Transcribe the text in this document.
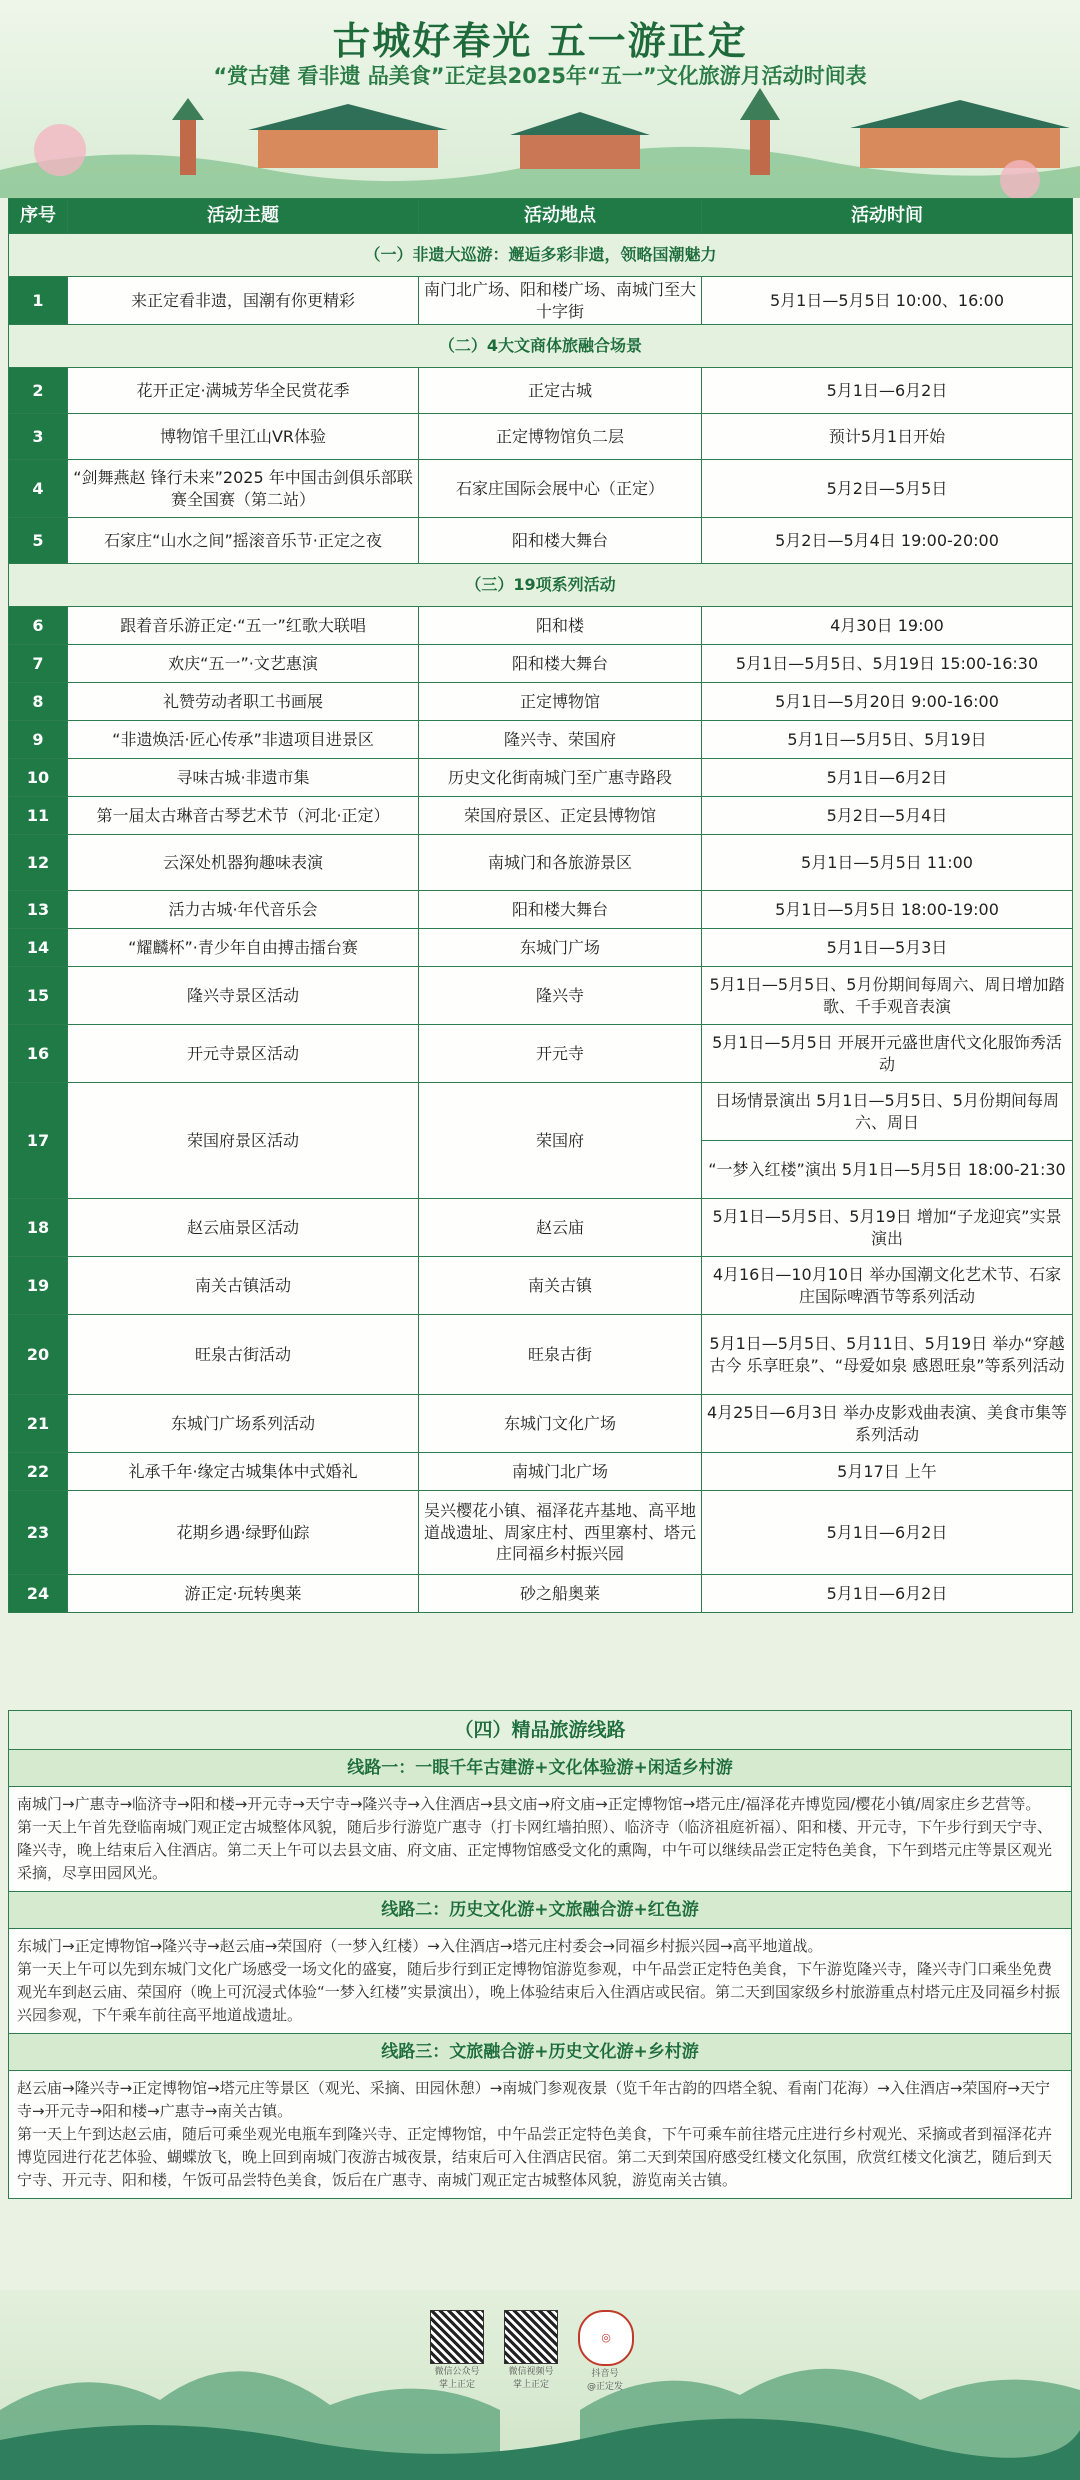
古城好春光 五一游正定
“赏古建 看非遗 品美食”正定县2025年“五一”文化旅游月活动时间表
序号	活动主题	活动地点	活动时间
（一）非遗大巡游：邂逅多彩非遗，领略国潮魅力			
1	来正定看非遗，国潮有你更精彩	南门北广场、阳和楼广场、南城门至大十字街	5月1日—5月5日 10:00、16:00
（二）4大文商体旅融合场景			
2	花开正定·满城芳华全民赏花季	正定古城	5月1日—6月2日
3	博物馆千里江山VR体验	正定博物馆负二层	预计5月1日开始
4	“剑舞燕赵 锋行未来”2025 年中国击剑俱乐部联赛全国赛（第二站）	石家庄国际会展中心（正定）	5月2日—5月5日
5	石家庄“山水之间”摇滚音乐节·正定之夜	阳和楼大舞台	5月2日—5月4日 19:00-20:00
（三）19项系列活动			
6	跟着音乐游正定·“五一”红歌大联唱	阳和楼	4月30日 19:00
7	欢庆“五一”·文艺惠演	阳和楼大舞台	5月1日—5月5日、5月19日 15:00-16:30
8	礼赞劳动者职工书画展	正定博物馆	5月1日—5月20日 9:00-16:00
9	“非遗焕活·匠心传承”非遗项目进景区	隆兴寺、荣国府	5月1日—5月5日、5月19日
10	寻味古城·非遗市集	历史文化街南城门至广惠寺路段	5月1日—6月2日
11	第一届太古琳音古琴艺术节（河北·正定）	荣国府景区、正定县博物馆	5月2日—5月4日
12	云深处机器狗趣味表演	南城门和各旅游景区	5月1日—5月5日 11:00
13	活力古城·年代音乐会	阳和楼大舞台	5月1日—5月5日 18:00-19:00
14	“耀麟杯”·青少年自由搏击擂台赛	东城门广场	5月1日—5月3日
15	隆兴寺景区活动	隆兴寺	5月1日—5月5日、5月份期间每周六、周日增加踏歌、千手观音表演
16	开元寺景区活动	开元寺	5月1日—5月5日 开展开元盛世唐代文化服饰秀活动
17	荣国府景区活动	荣国府	日场情景演出 5月1日—5月5日、5月份期间每周六、周日
			“一梦入红楼”演出 5月1日—5月5日 18:00-21:30
18	赵云庙景区活动	赵云庙	5月1日—5月5日、5月19日 增加“子龙迎宾”实景演出
19	南关古镇活动	南关古镇	4月16日—10月10日 举办国潮文化艺术节、石家庄国际啤酒节等系列活动
20	旺泉古街活动	旺泉古街	5月1日—5月5日、5月11日、5月19日 举办“穿越古今 乐享旺泉”、“母爱如泉 感恩旺泉”等系列活动
21	东城门广场系列活动	东城门文化广场	4月25日—6月3日 举办皮影戏曲表演、美食市集等系列活动
22	礼承千年·缘定古城集体中式婚礼	南城门北广场	5月17日 上午
23	花期乡遇·绿野仙踪	吴兴樱花小镇、福泽花卉基地、高平地道战遗址、周家庄村、西里寨村、塔元庄同福乡村振兴园	5月1日—6月2日
24	游正定·玩转奥莱	砂之船奥莱	5月1日—6月2日
（四）精品旅游线路
线路一：一眼千年古建游+文化体验游+闲适乡村游

南城门→广惠寺→临济寺→阳和楼→开元寺→天宁寺→隆兴寺→入住酒店→县文庙→府文庙→正定博物馆→塔元庄/福泽花卉博览园/樱花小镇/周家庄乡艺营等。

第一天上午首先登临南城门观正定古城整体风貌，随后步行游览广惠寺（打卡网红墙拍照）、临济寺（临济祖庭祈福）、阳和楼、开元寺，下午步行到天宁寺、隆兴寺，晚上结束后入住酒店。第二天上午可以去县文庙、府文庙、正定博物馆感受文化的熏陶，中午可以继续品尝正定特色美食，下午到塔元庄等景区观光采摘，尽享田园风光。

线路二：历史文化游+文旅融合游+红色游

东城门→正定博物馆→隆兴寺→赵云庙→荣国府（一梦入红楼）→入住酒店→塔元庄村委会→同福乡村振兴园→高平地道战。

第一天上午可以先到东城门文化广场感受一场文化的盛宴，随后步行到正定博物馆游览参观，中午品尝正定特色美食，下午游览隆兴寺，隆兴寺门口乘坐免费观光车到赵云庙、荣国府（晚上可沉浸式体验“一梦入红楼”实景演出），晚上体验结束后入住酒店或民宿。第二天到国家级乡村旅游重点村塔元庄及同福乡村振兴园参观，下午乘车前往高平地道战遗址。

线路三：文旅融合游+历史文化游+乡村游

赵云庙→隆兴寺→正定博物馆→塔元庄等景区（观光、采摘、田园休憩）→南城门参观夜景（览千年古韵的四塔全貌、看南门花海）→入住酒店→荣国府→天宁寺→开元寺→阳和楼→广惠寺→南关古镇。

第一天上午到达赵云庙，随后可乘坐观光电瓶车到隆兴寺、正定博物馆，中午品尝正定特色美食，下午可乘车前往塔元庄进行乡村观光、采摘或者到福泽花卉博览园进行花艺体验、蝴蝶放飞，晚上回到南城门夜游古城夜景，结束后可入住酒店民宿。第二天到荣国府感受红楼文化氛围，欣赏红楼文化演艺，随后到天宁寺、开元寺、阳和楼，午饭可品尝特色美食，饭后在广惠寺、南城门观正定古城整体风貌，游览南关古镇。

微信公众号
掌上正定
微信视频号
掌上正定
◎
抖音号
@正定发
